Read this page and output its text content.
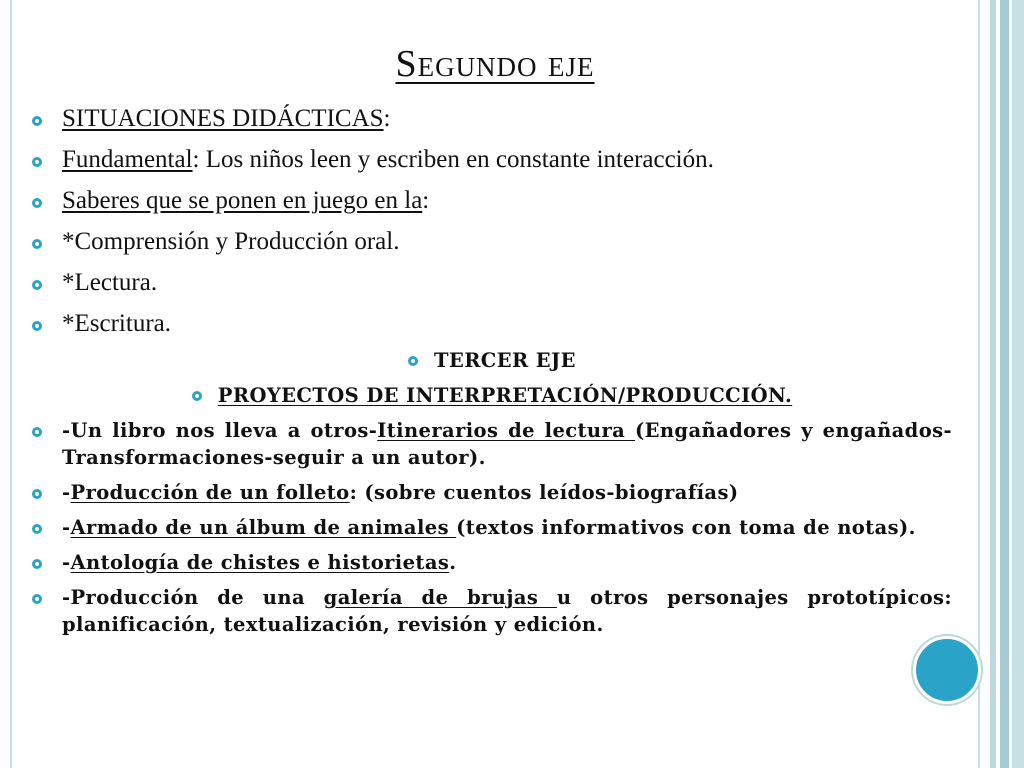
Segundo eje
SITUACIONES DIDÁCTICAS:
Fundamental: Los niños leen y escriben en constante interacción.
Saberes que se ponen en juego en la:
*Comprensión y Producción oral.
*Lectura.
*Escritura.
TERCER EJE
PROYECTOS DE INTERPRETACIÓN/PRODUCCIÓN.
-Un libro nos lleva a otros-Itinerarios de lectura (Engañadores y engañados-Transformaciones-seguir a un autor).
-Producción de un folleto: (sobre cuentos leídos-biografías)
-Armado de un álbum de animales (textos informativos con toma de notas).
-Antología de chistes e historietas.
-Producción de una galería de brujas u otros personajes prototípicos: planificación, textualización, revisión y edición.
